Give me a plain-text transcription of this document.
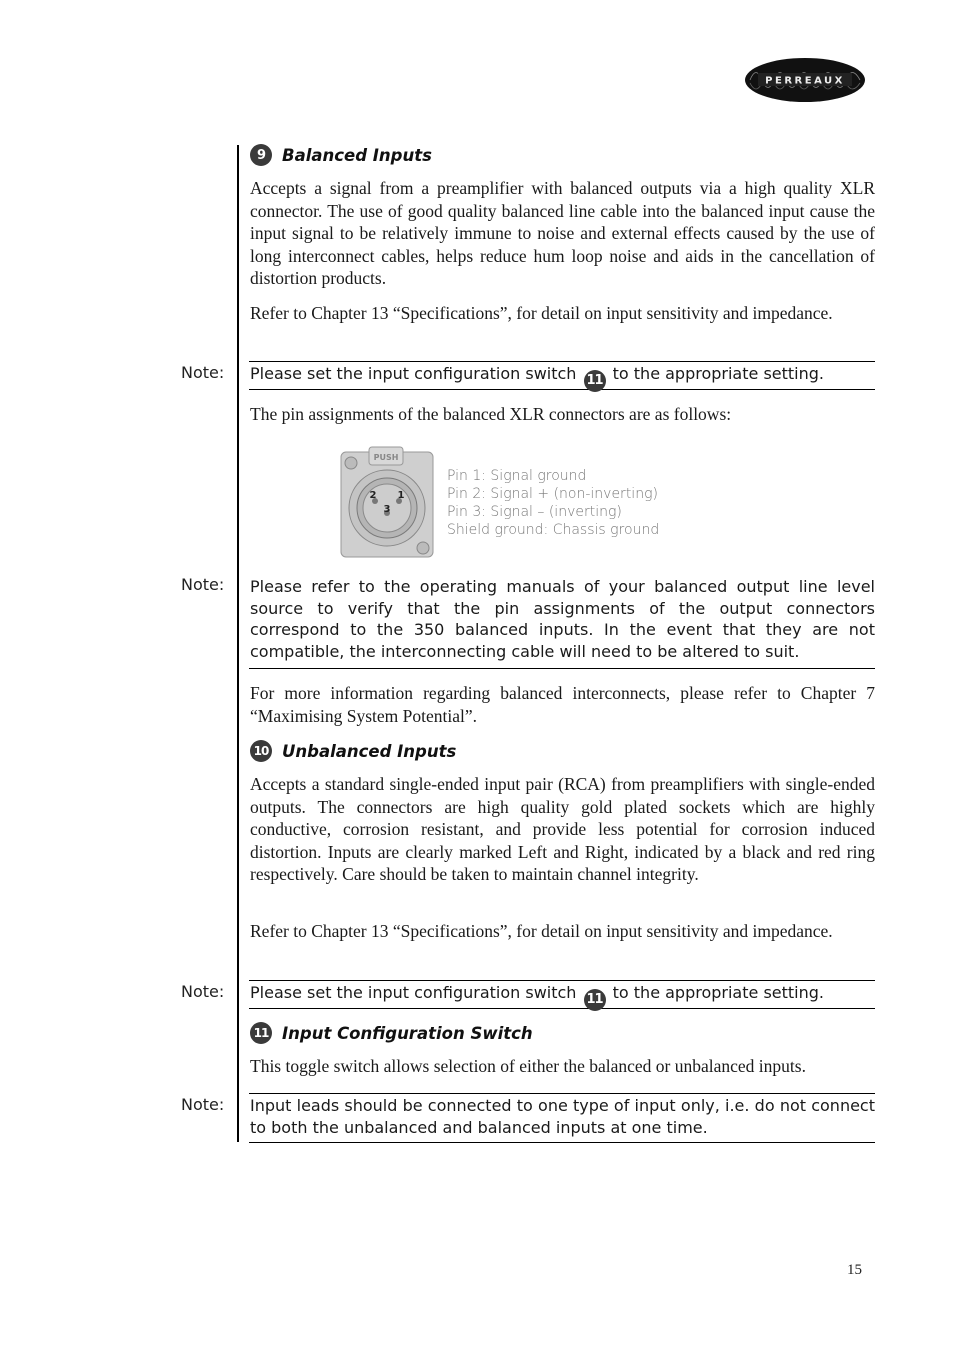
PERREAUX
9	Balanced Inputs
Accepts a signal from a preamplifier with balanced outputs via a high quality XLR connector. The use of good quality balanced line cable into the balanced input cause the input signal to be relatively immune to noise and external effects caused by the use of long interconnect cables, helps reduce hum loop noise and aids in the cancellation of distortion products.
Refer to Chapter 13 “Specifications”, for detail on input sensitivity and impedance.
Note: Please set the input configuration switch 11 to the appropriate setting.
The pin assignments of the balanced XLR connectors are as follows:
PUSH
2 1
3
Pin 1: Signal ground
Pin 2: Signal + (non-inverting)
Pin 3: Signal – (inverting)
Shield ground: Chassis ground
Note: Please refer to the operating manuals of your balanced output line level source to verify that the pin assignments of the output connectors correspond to the 350 balanced inputs. In the event that they are not compatible, the interconnecting cable will need to be altered to suit.
For more information regarding balanced interconnects, please refer to Chapter 7 “Maximising System Potential”.
10 Unbalanced Inputs
Accepts a standard single-ended input pair (RCA) from preamplifiers with single-ended outputs. The connectors are high quality gold plated sockets which are highly conductive, corrosion resistant, and provide less potential for corrosion induced distortion. Inputs are clearly marked Left and Right, indicated by a black and red ring respectively. Care should be taken to maintain channel integrity.
Refer to Chapter 13 “Specifications”, for detail on input sensitivity and impedance.
Note: Please set the input configuration switch 11 to the appropriate setting.
11 Input Configuration Switch
This toggle switch allows selection of either the balanced or unbalanced inputs.
Note: Input leads should be connected to one type of input only, i.e. do not connect to both the unbalanced and balanced inputs at one time.
15
